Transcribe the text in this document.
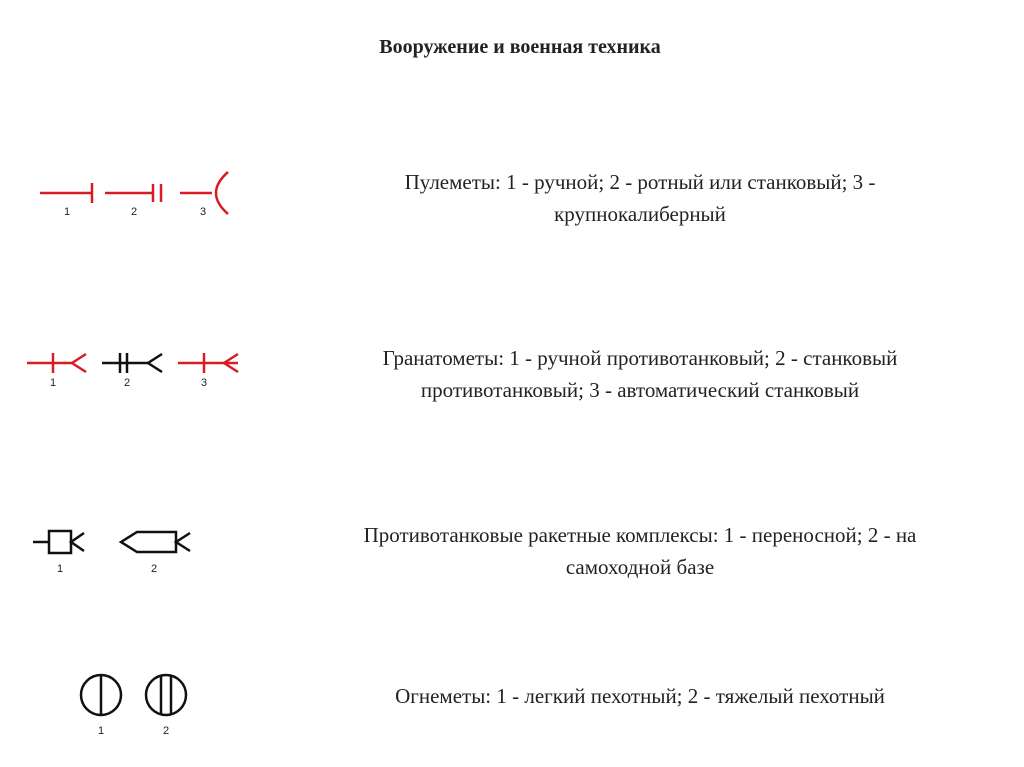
Вооружение и военная техника
Пулеметы: 1 - ручной; 2 - ротный или станковый; 3 -
крупнокалиберный
Гранатометы: 1 - ручной противотанковый; 2 - станковый
противотанковый; 3 - автоматический станковый
Противотанковые ракетные комплексы: 1 - переносной; 2 - на
самоходной базе
Огнеметы: 1 - легкий пехотный; 2 - тяжелый пехотный
1	2	3
1	2	3
1	2
1	2
